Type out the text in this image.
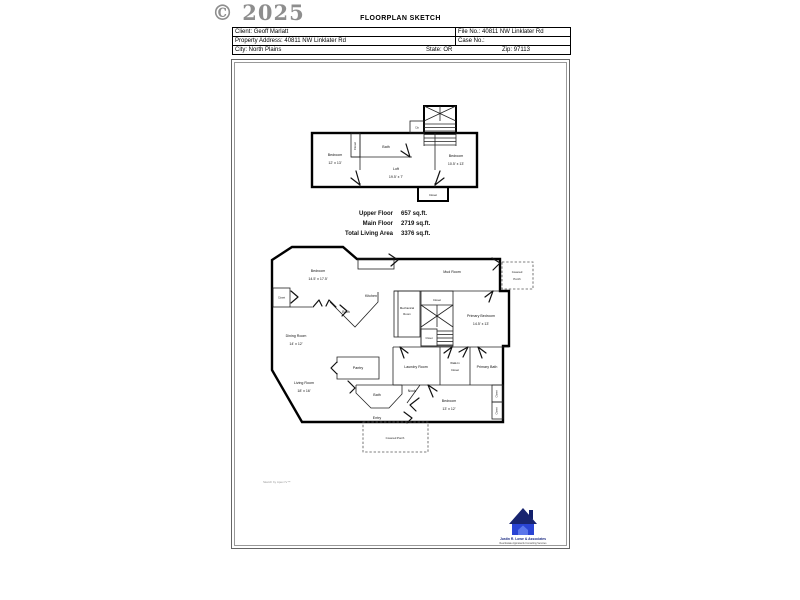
© 2025	FLOORPLAN SKETCH
Client: Geoff Marlatt	File No.: 40811 NW Linklater Rd
Property Address: 40811 NW Linklater Rd	Case No.:
City: North Plains	State: OR	Zip: 97113
Bedroom
12' x 13'
Closet	Bath
Loft
19.5' x 7'
Bedroom
10.5' x 13'
Clo
Closet
Upper Floor 657 sq.ft.
Main Floor 2719 sq.ft.
Total Living Area 3376 sq.ft.
Bedroom
14.5' x 17.5'
Closet
Bath
Kitchen
Dining Room
14' x 12'
Mud Room	Covered
Porch
Mechanical
Room
Closet
Closet
Primary Bedroom
14.5' x 13'
Pantry	Laundry Room
Walk-In
Closet
Primary Bath
Living Room
18' x 16'
Bath
Nook
Entry
Bedroom
13' x 12'
Closet
Closet
Covered Porch
Sketch by Apex IV™
Justin R. Lowe & Associates
Real Estate Appraisal & Consulting Services
